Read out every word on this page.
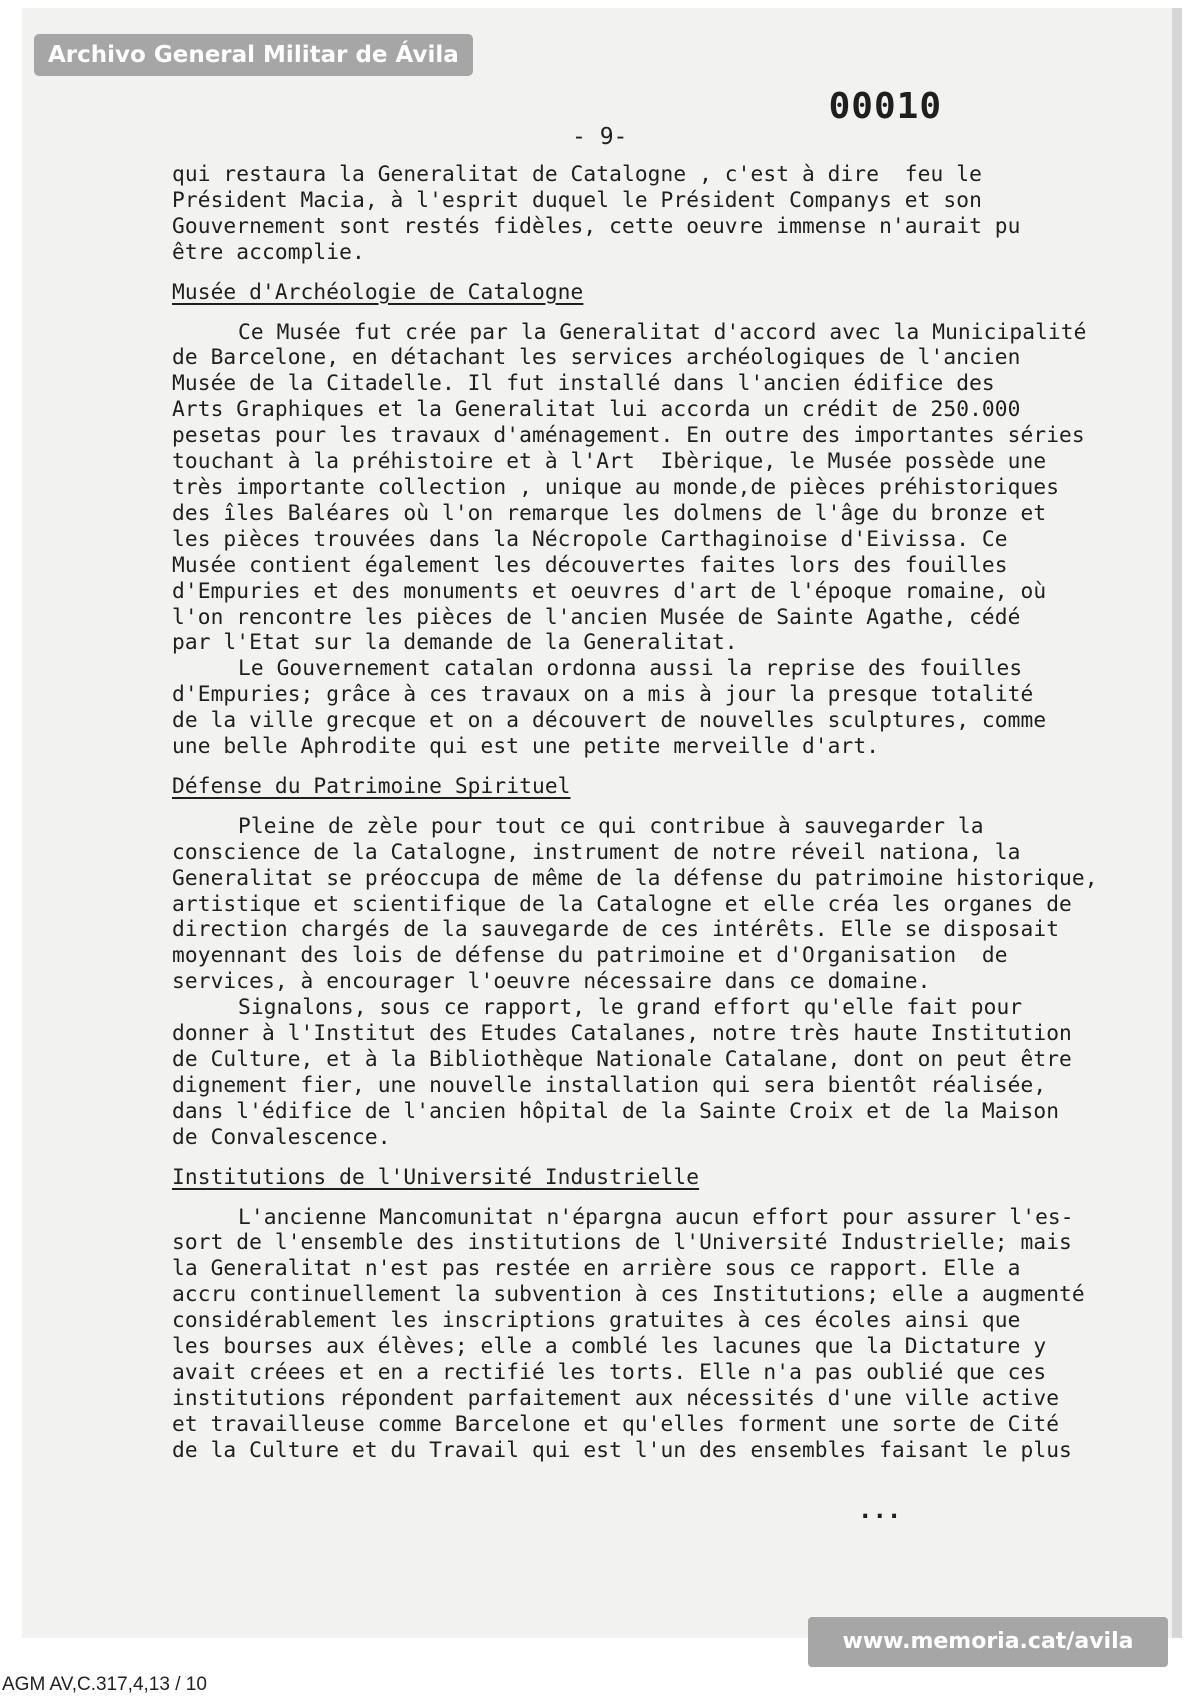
00010
- 9-

qui restaura la Generalitat de Catalogne , c'est à dire  feu le

Président Macia, à l'esprit duquel le Président Companys et son

Gouvernement sont restés fidèles, cette oeuvre immense n'aurait pu

être accomplie.

Musée d'Archéologie de Catalogne

Ce Musée fut crée par la Generalitat d'accord avec la Municipalité

de Barcelone, en détachant les services archéologiques de l'ancien

Musée de la Citadelle. Il fut installé dans l'ancien édifice des

Arts Graphiques et la Generalitat lui accorda un crédit de 250.000

pesetas pour les travaux d'aménagement. En outre des importantes séries

touchant à la préhistoire et à l'Art  Ibèrique, le Musée possède une

très importante collection , unique au monde,de pièces préhistoriques

des îles Baléares où l'on remarque les dolmens de l'âge du bronze et

les pièces trouvées dans la Nécropole Carthaginoise d'Eivissa. Ce

Musée contient également les découvertes faites lors des fouilles

d'Empuries et des monuments et oeuvres d'art de l'époque romaine, où

l'on rencontre les pièces de l'ancien Musée de Sainte Agathe, cédé

par l'Etat sur la demande de la Generalitat.

Le Gouvernement catalan ordonna aussi la reprise des fouilles

d'Empuries; grâce à ces travaux on a mis à jour la presque totalité

de la ville grecque et on a découvert de nouvelles sculptures, comme

une belle Aphrodite qui est une petite merveille d'art.

Défense du Patrimoine Spirituel

Pleine de zèle pour tout ce qui contribue à sauvegarder la

conscience de la Catalogne, instrument de notre réveil nationa, la

Generalitat se préoccupa de même de la défense du patrimoine historique,

artistique et scientifique de la Catalogne et elle créa les organes de

direction chargés de la sauvegarde de ces intérêts. Elle se disposait

moyennant des lois de défense du patrimoine et d'Organisation  de

services, à encourager l'oeuvre nécessaire dans ce domaine.

Signalons, sous ce rapport, le grand effort qu'elle fait pour

donner à l'Institut des Etudes Catalanes, notre très haute Institution

de Culture, et à la Bibliothèque Nationale Catalane, dont on peut être

dignement fier, une nouvelle installation qui sera bientôt réalisée,

dans l'édifice de l'ancien hôpital de la Sainte Croix et de la Maison

de Convalescence.

Institutions de l'Université Industrielle

L'ancienne Mancomunitat n'épargna aucun effort pour assurer l'es-

sort de l'ensemble des institutions de l'Université Industrielle; mais

la Generalitat n'est pas restée en arrière sous ce rapport. Elle a

accru continuellement la subvention à ces Institutions; elle a augmenté

considérablement les inscriptions gratuites à ces écoles ainsi que

les bourses aux élèves; elle a comblé les lacunes que la Dictature y

avait créees et en a rectifié les torts. Elle n'a pas oublié que ces

institutions répondent parfaitement aux nécessités d'une ville active

et travailleuse comme Barcelone et qu'elles forment une sorte de Cité

de la Culture et du Travail qui est l'un des ensembles faisant le plus

...
Archivo General Militar de Ávila
www.memoria.cat/avila
AGM AV,C.317,4,13 / 10
